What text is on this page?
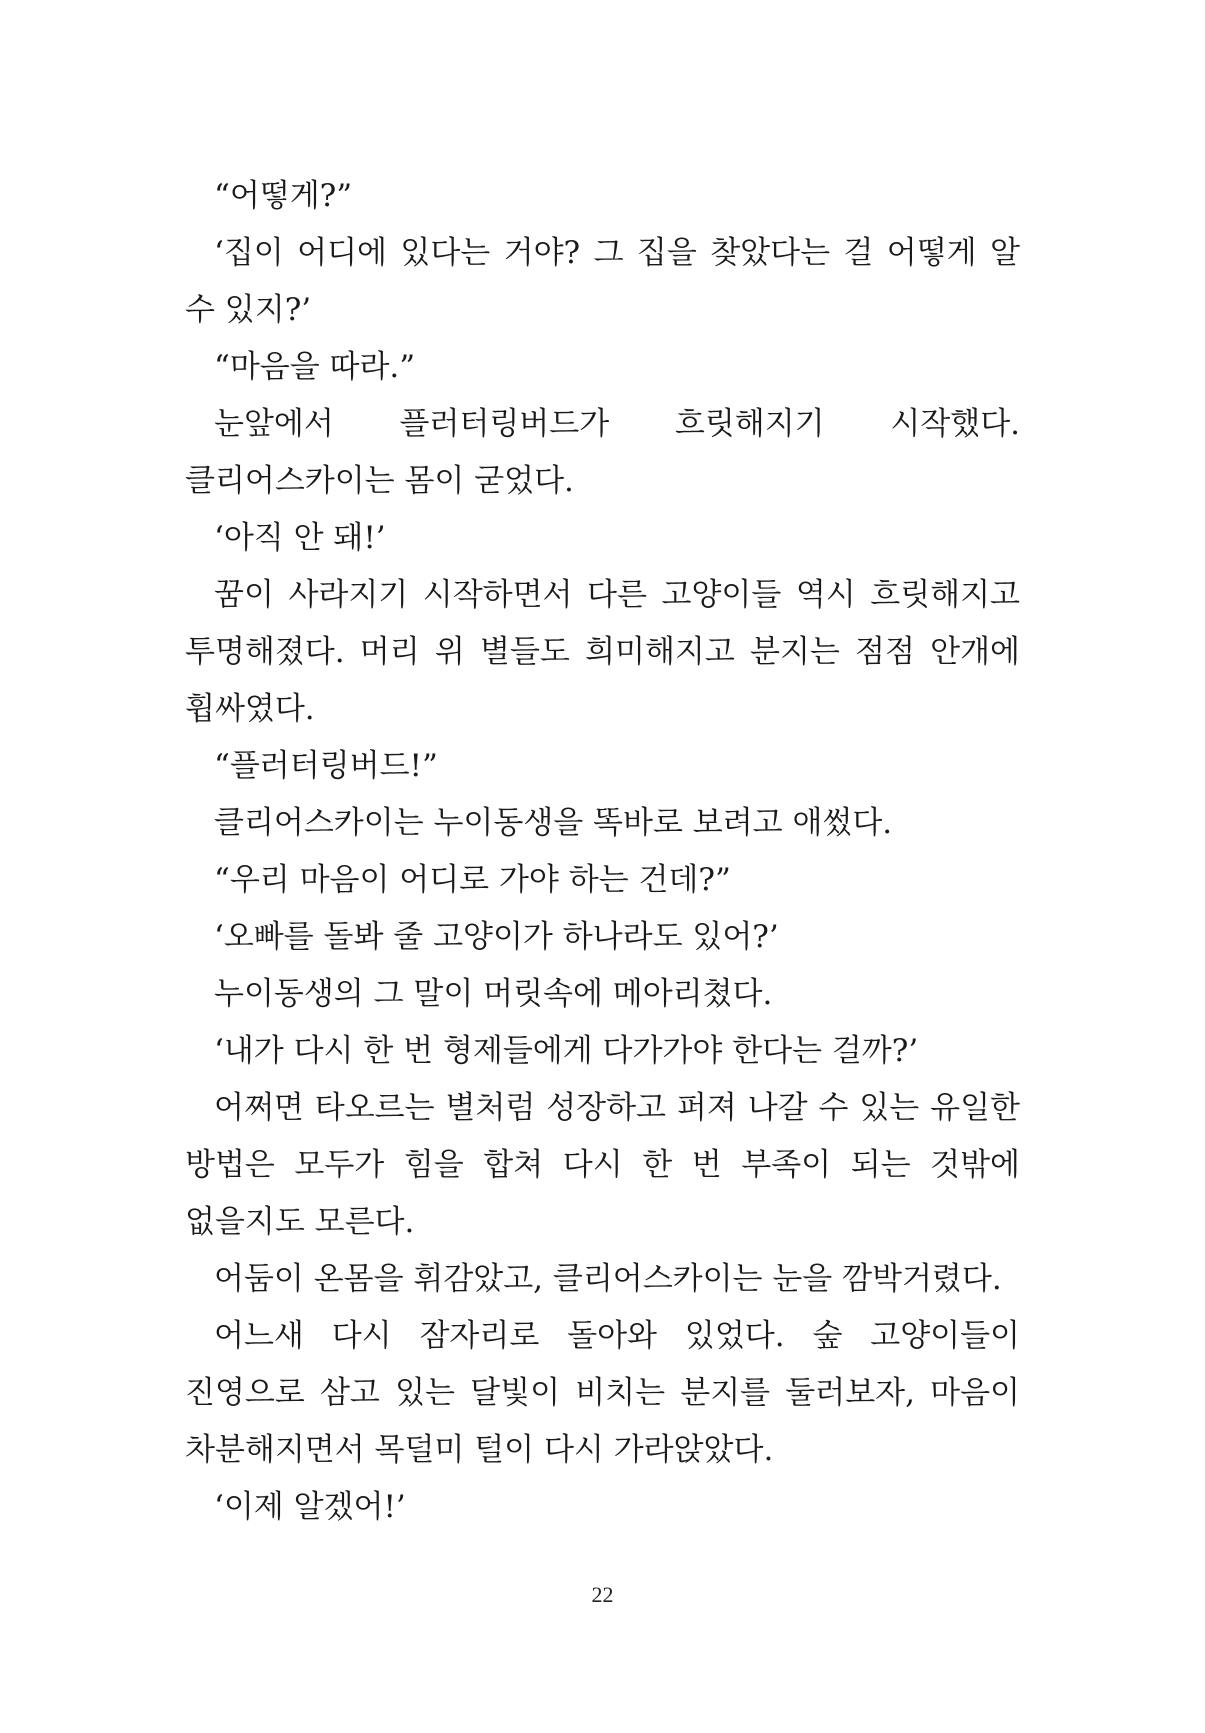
“어떻게?”

‘집이 어디에 있다는 거야? 그 집을 찾았다는 걸 어떻게 알 수 있지?’

“마음을 따라.”

눈앞에서 플러터링버드가 흐릿해지기 시작했다. 클리어스카이는 몸이 굳었다.

‘아직 안 돼!’

꿈이 사라지기 시작하면서 다른 고양이들 역시 흐릿해지고 투명해졌다. 머리 위 별들도 희미해지고 분지는 점점 안개에 휩싸였다.

“플러터링버드!”

클리어스카이는 누이동생을 똑바로 보려고 애썼다.

“우리 마음이 어디로 가야 하는 건데?”

‘오빠를 돌봐 줄 고양이가 하나라도 있어?’

누이동생의 그 말이 머릿속에 메아리쳤다.

‘내가 다시 한 번 형제들에게 다가가야 한다는 걸까?’

어쩌면 타오르는 별처럼 성장하고 퍼져 나갈 수 있는 유일한 방법은 모두가 힘을 합쳐 다시 한 번 부족이 되는 것밖에 없을지도 모른다.

어둠이 온몸을 휘감았고, 클리어스카이는 눈을 깜박거렸다.

어느새 다시 잠자리로 돌아와 있었다. 숲 고양이들이 진영으로 삼고 있는 달빛이 비치는 분지를 둘러보자, 마음이 차분해지면서 목덜미 털이 다시 가라앉았다.

‘이제 알겠어!’

22
